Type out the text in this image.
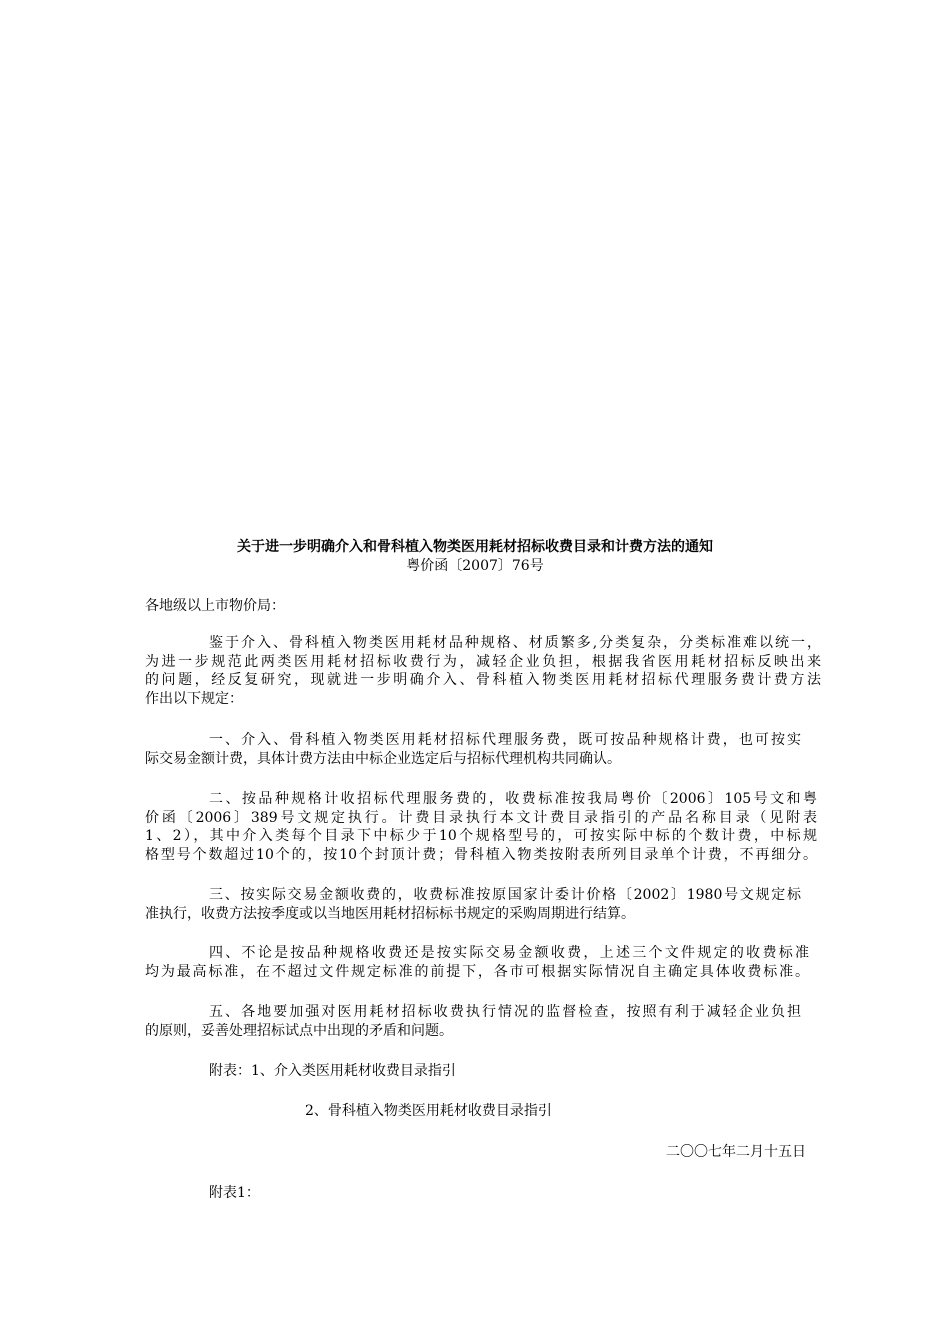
关于进一步明确介入和骨科植入物类医用耗材招标收费目录和计费方法的通知
粤价函〔2007〕76号
各地级以上市物价局：
鉴于介入、骨科植入物类医用耗材品种规格、材质繁多,分类复杂，分类标准难以统一，
为进一步规范此两类医用耗材招标收费行为，减轻企业负担，根据我省医用耗材招标反映出来
的问题，经反复研究，现就进一步明确介入、骨科植入物类医用耗材招标代理服务费计费方法
作出以下规定：
一、介入、骨科植入物类医用耗材招标代理服务费，既可按品种规格计费，也可按实
际交易金额计费，具体计费方法由中标企业选定后与招标代理机构共同确认。
二、按品种规格计收招标代理服务费的，收费标准按我局粤价〔2006〕105号文和粤
价函〔2006〕389号文规定执行。计费目录执行本文计费目录指引的产品名称目录（见附表
1、2），其中介入类每个目录下中标少于10个规格型号的，可按实际中标的个数计费，中标规
格型号个数超过10个的，按10个封顶计费；骨科植入物类按附表所列目录单个计费，不再细分。
三、按实际交易金额收费的，收费标准按原国家计委计价格〔2002〕1980号文规定标
准执行，收费方法按季度或以当地医用耗材招标标书规定的采购周期进行结算。
四、不论是按品种规格收费还是按实际交易金额收费，上述三个文件规定的收费标准
均为最高标准，在不超过文件规定标准的前提下，各市可根据实际情况自主确定具体收费标准。
五、各地要加强对医用耗材招标收费执行情况的监督检查，按照有利于减轻企业负担
的原则，妥善处理招标试点中出现的矛盾和问题。
附表：1、介入类医用耗材收费目录指引
2、骨科植入物类医用耗材收费目录指引
二〇〇七年二月十五日
附表1：
